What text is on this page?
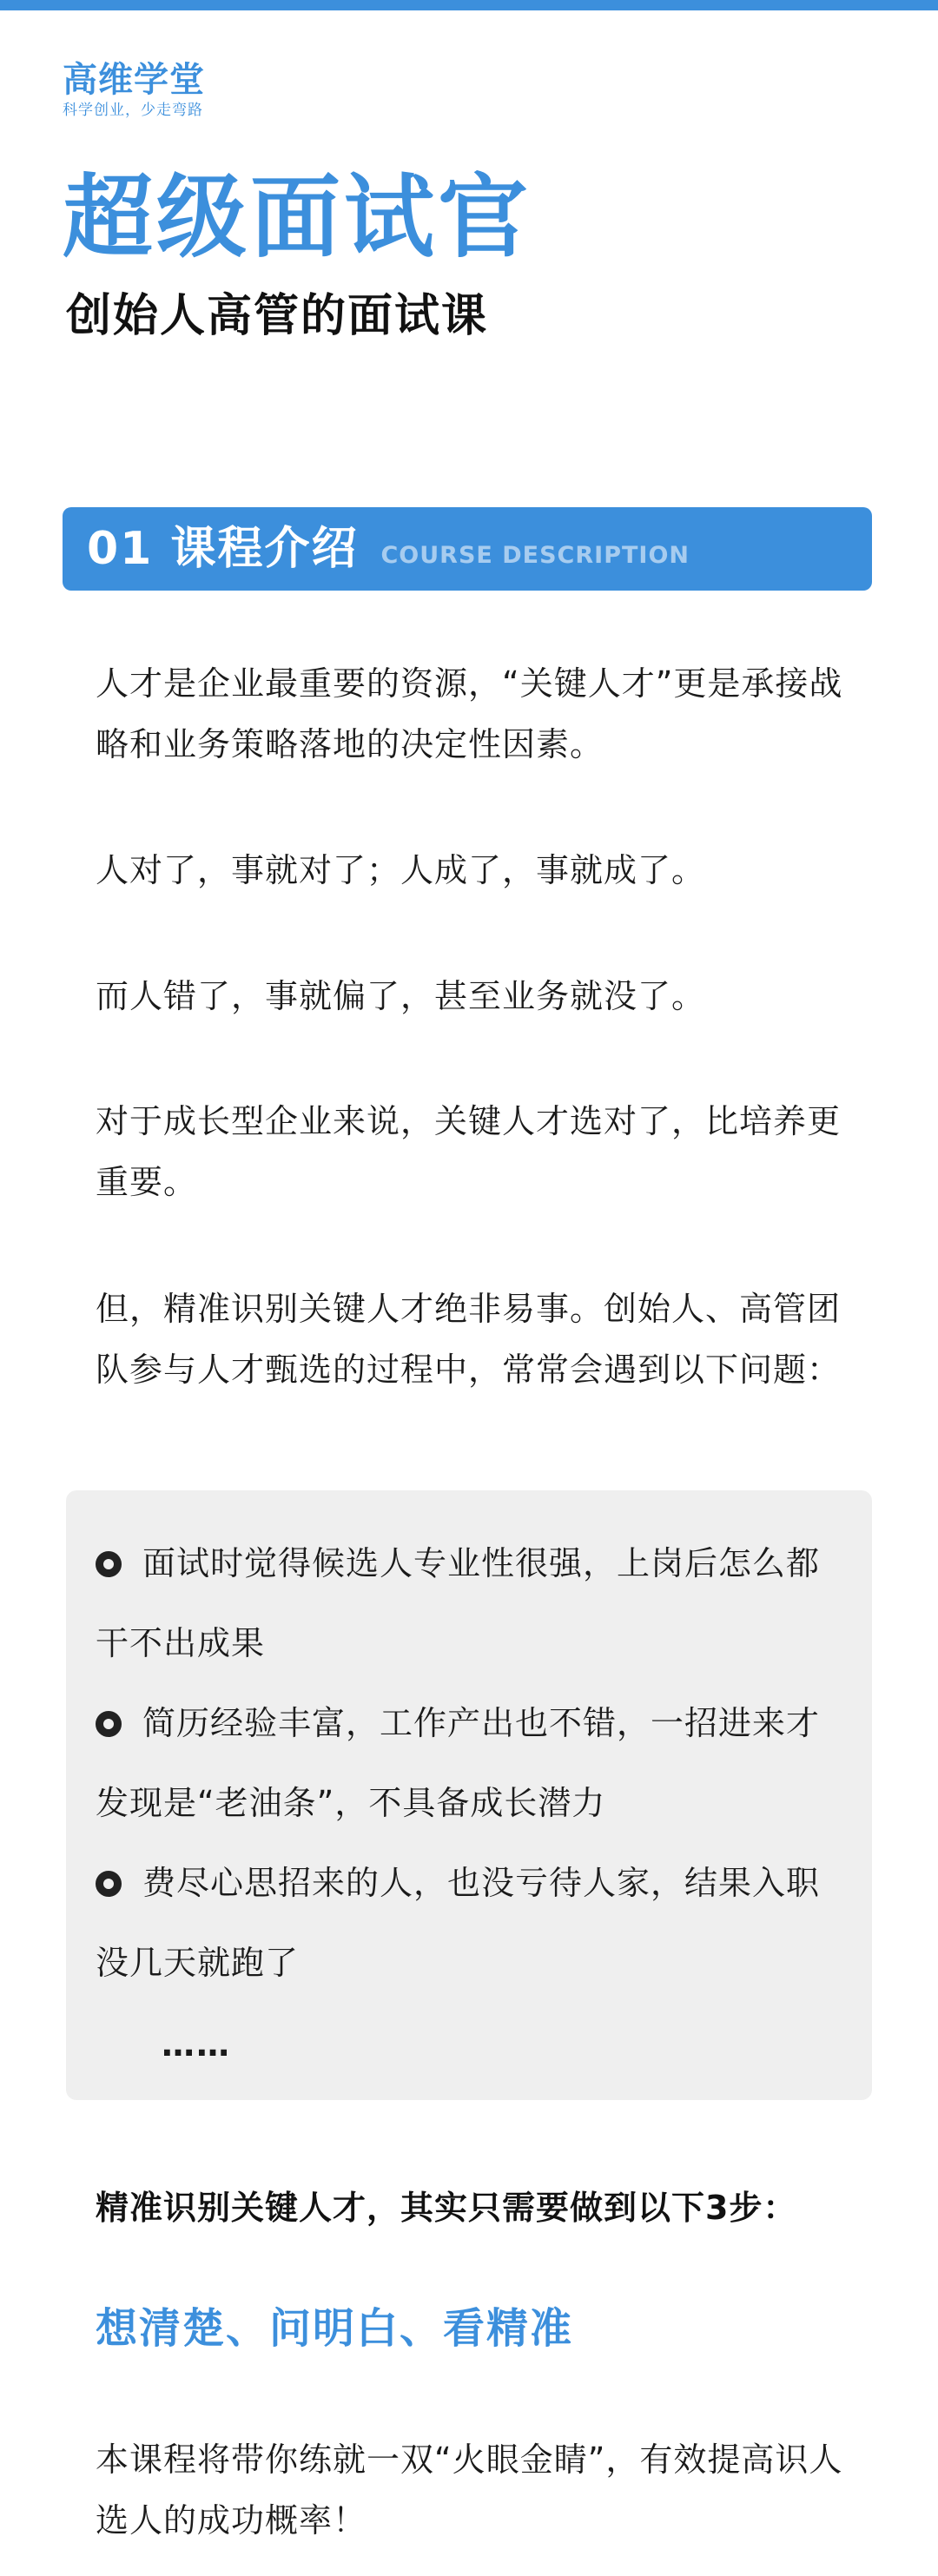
高维学堂
科学创业，少走弯路
超级面试官
创始人高管的面试课
01 课程介绍 COURSE DESCRIPTION
人才是企业最重要的资源，“关键人才”更是承接战略和业务策略落地的决定性因素。
人对了，事就对了；人成了，事就成了。
而人错了，事就偏了，甚至业务就没了。
对于成长型企业来说，关键人才选对了，比培养更重要。
但，精准识别关键人才绝非易事。创始人、高管团队参与人才甄选的过程中，常常会遇到以下问题：
面试时觉得候选人专业性很强，上岗后怎么都干不出成果
简历经验丰富，工作产出也不错，一招进来才发现是“老油条”，不具备成长潜力
费尽心思招来的人，也没亏待人家，结果入职没几天就跑了
……
精准识别关键人才，其实只需要做到以下3步：
想清楚、问明白、看精准
本课程将带你练就一双“火眼金睛”，有效提高识人选人的成功概率！
